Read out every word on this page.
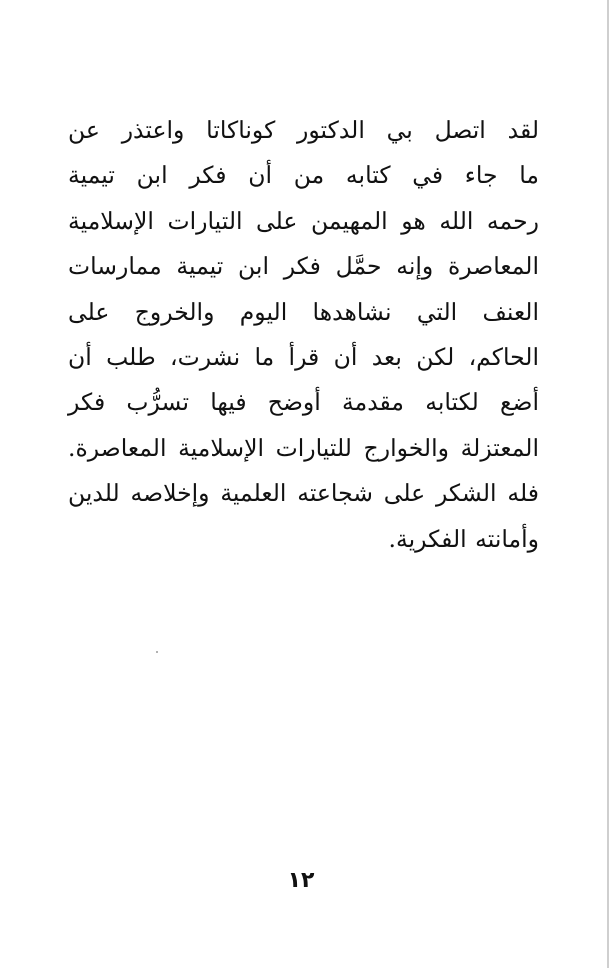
لقد اتصل بي الدكتور كوناكاتا واعتذر عن
ما جاء في كتابه من أن فكر ابن تيمية
رحمه الله هو المهيمن على التيارات الإسلامية
المعاصرة وإنه حمَّل فكر ابن تيمية ممارسات
العنف التي نشاهدها اليوم والخروج على
الحاكم، لكن بعد أن قرأ ما نشرت، طلب أن
أضع لكتابه مقدمة أوضح فيها تسرُّب فكر
المعتزلة والخوارج للتيارات الإسلامية المعاصرة.
فله الشكر على شجاعته العلمية وإخلاصه للدين
وأمانته الفكرية.
١٢
